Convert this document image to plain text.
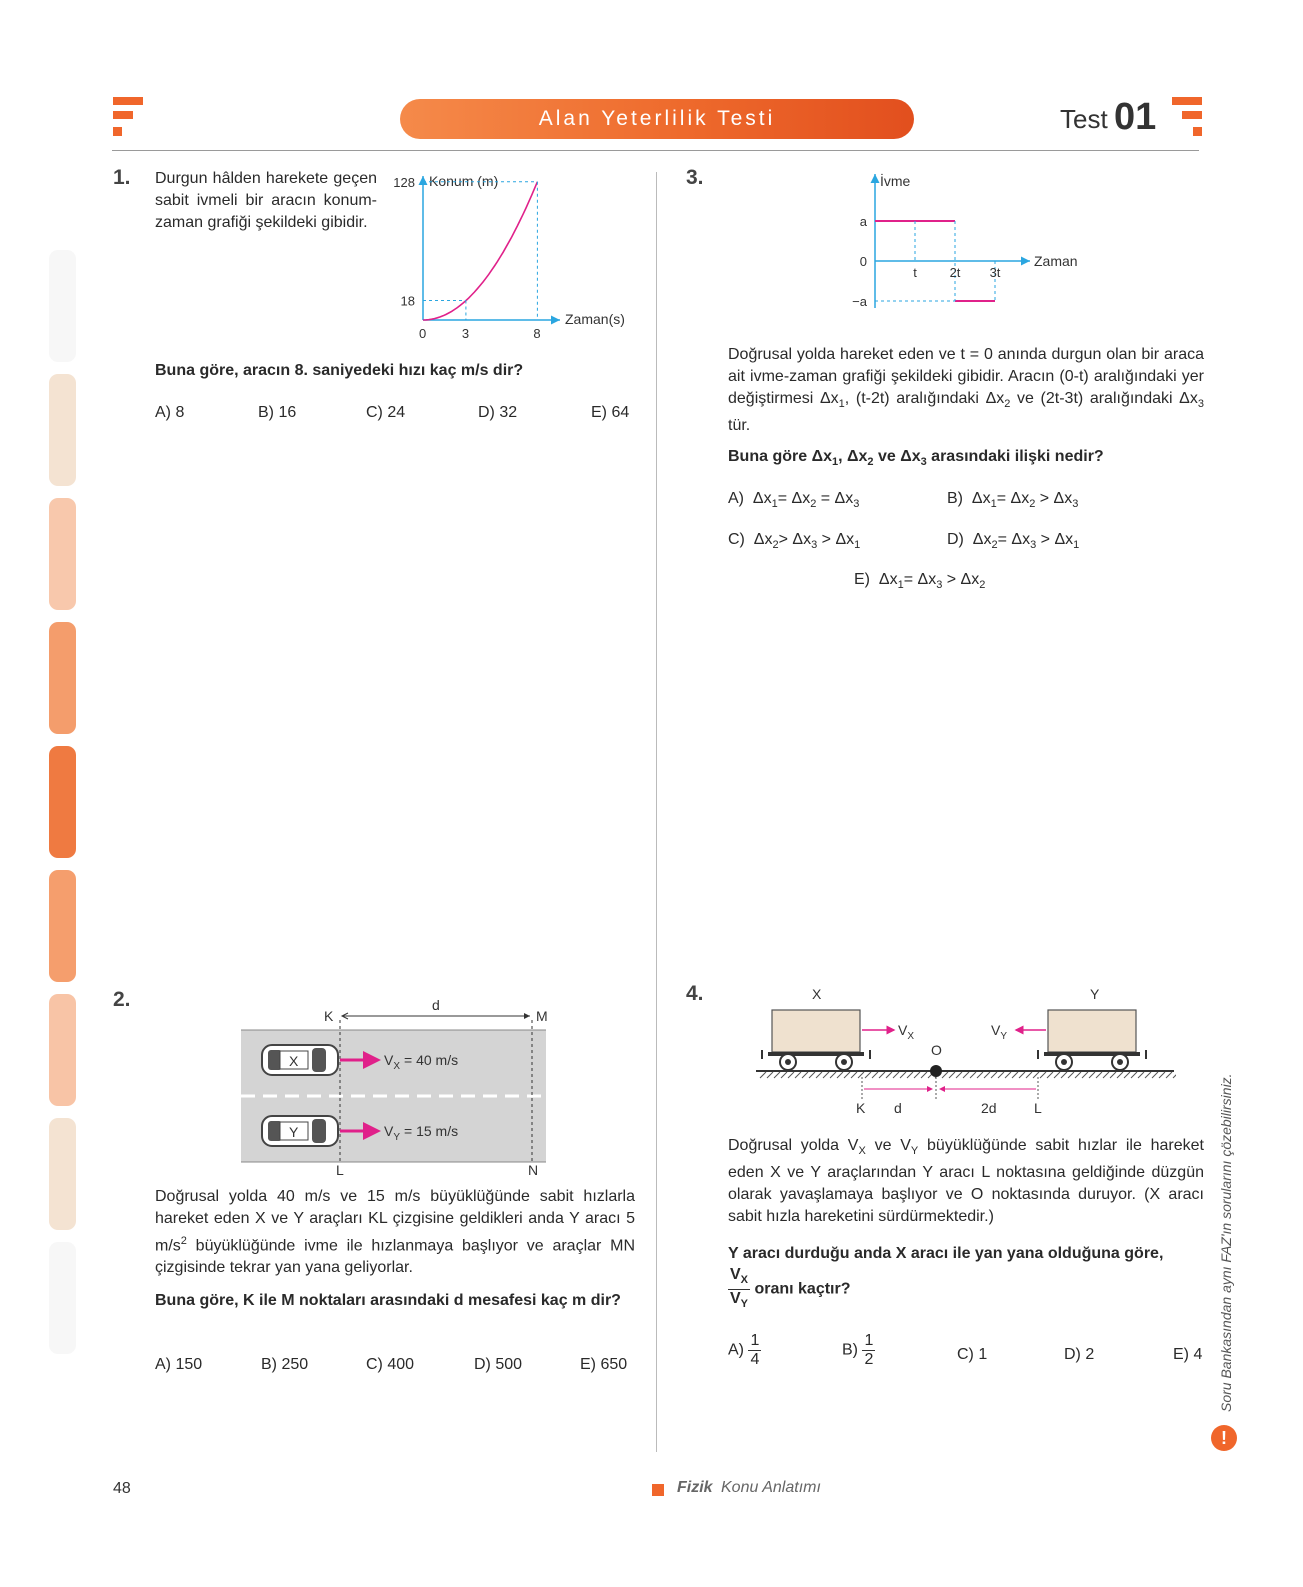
Alan Yeterlilik Testi	Test 01
1. Durgun hâlden harekete geçen sabit ivmeli bir aracın konum-zaman grafiği şekildeki gibidir.
Konum (m)
Zaman(s)
0	3	8
18
128
Buna göre, aracın 8. saniyedeki hızı kaç m/s dir?
A) 8	B) 16	C) 24	D) 32	E) 64
2.
K	M
d
L	N
X	$V_X = 40$ m/s
Y	$V_Y = 15$ m/s
Doğrusal yolda 40 m/s ve 15 m/s büyüklüğünde sabit hızlarla hareket eden X ve Y araçları KL çizgisine geldikleri anda Y aracı 5 $m/s^2$ büyüklüğünde ivme ile hızlanmaya başlıyor ve araçlar MN çizgisinde tekrar yan yana geliyorlar.
Buna göre, K ile M noktaları arasındaki d mesafesi kaç m dir?
A) 150	B) 250	C) 400	D) 500	E) 650
3.	İvme
Zaman
t	2t 3t
a
0
−a
Doğrusal yolda hareket eden ve t = 0 anında durgun olan bir araca ait ivme-zaman grafiği şekildeki gibidir. Aracın (0-t) aralığındaki yer değiştirmesi $\Delta x_1$, (t-2t) aralığındaki $\Delta x_2$ ve (2t-3t) aralığındaki $\Delta x_3$ tür.
Buna göre $\Delta x_1$, $\Delta x_2$ ve $\Delta x_3$ arasındaki ilişki nedir?
A) $\Delta x_1= \Delta x_2 = \Delta x_3$	B) $\Delta x_1= \Delta x_2 > \Delta x_3$
C) $\Delta x_2> \Delta x_3 > \Delta x_1$	D) $\Delta x_2= \Delta x_3 > \Delta x_1$
E) $\Delta x_1= \Delta x_3 > \Delta x_2$
4.	X	Y
$V_X$	$V_Y$
O
K d	2d	L
Doğrusal yolda $V_X$ ve $V_Y$ büyüklüğünde sabit hızlar ile hareket eden X ve Y araçlarından Y aracı L noktasına geldiğinde düzgün olarak yavaşlamaya başlıyor ve O noktasında duruyor. (X aracı sabit hızla hareketini sürdürmektedir.)
Y aracı durduğu anda X aracı ile yan yana olduğuna göre,
$\frac{V_X}{V_Y}$ oranı kaçtır?
$A) \frac{1}{4}$	$B) \frac{1}{2}$	C) 1	D) 2	E) 4 Soru Bankasından aynı FAZ'ın sorularını çözebilirsiniz.
!
48	Fizik Konu Anlatımı
